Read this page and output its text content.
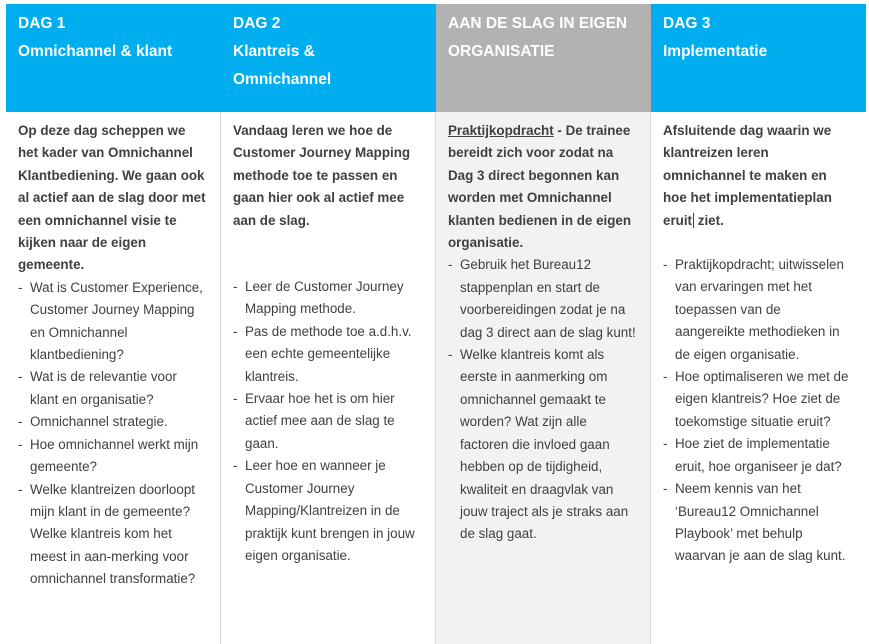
DAG 1
Omnichannel & klant
DAG 2
Klantreis &
Omnichannel
AAN DE SLAG IN EIGEN
ORGANISATIE
DAG 3
Implementatie

Op deze dag scheppen we het kader van Omnichannel Klantbediening. We gaan ook al actief aan de slag door met een omnichannel visie te kijken naar de eigen gemeente.

- Wat is Customer Experience, Customer Journey Mapping en Omnichannel klantbediening?
- Wat is de relevantie voor klant en organisatie?
- Omnichannel strategie.
- Hoe omnichannel werkt mijn gemeente?
- Welke klantreizen doorloopt mijn klant in de gemeente? Welke klantreis kom het meest in aan-merking voor omnichannel transformatie?

Vandaag leren we hoe de Customer Journey Mapping methode toe te passen en gaan hier ook al actief mee aan de slag.

- Leer de Customer Journey Mapping methode.
- Pas de methode toe a.d.h.v. een echte gemeentelijke klantreis.
- Ervaar hoe het is om hier actief mee aan de slag te gaan.
- Leer hoe en wanneer je Customer Journey Mapping/Klantreizen in de praktijk kunt brengen in jouw eigen organisatie.

Praktijkopdracht - De trainee bereidt zich voor zodat na Dag 3 direct begonnen kan worden met Omnichannel klanten bedienen in de eigen organisatie.

- Gebruik het Bureau12 stappenplan en start de voorbereidingen zodat je na dag 3 direct aan de slag kunt!
- Welke klantreis komt als eerste in aanmerking om omnichannel gemaakt te worden? Wat zijn alle factoren die invloed gaan hebben op de tijdigheid, kwaliteit en draagvlak van jouw traject als je straks aan de slag gaat.

Afsluitende dag waarin we klantreizen leren omnichannel te maken en hoe het implementatieplan eruit ziet.

- Praktijkopdracht; uitwisselen van ervaringen met het toepassen van de aangereikte methodieken in de eigen organisatie.
- Hoe optimaliseren we met de eigen klantreis? Hoe ziet de toekomstige situatie eruit?
- Hoe ziet de implementatie eruit, hoe organiseer je dat?
- Neem kennis van het ‘Bureau12 Omnichannel Playbook’ met behulp waarvan je aan de slag kunt.
